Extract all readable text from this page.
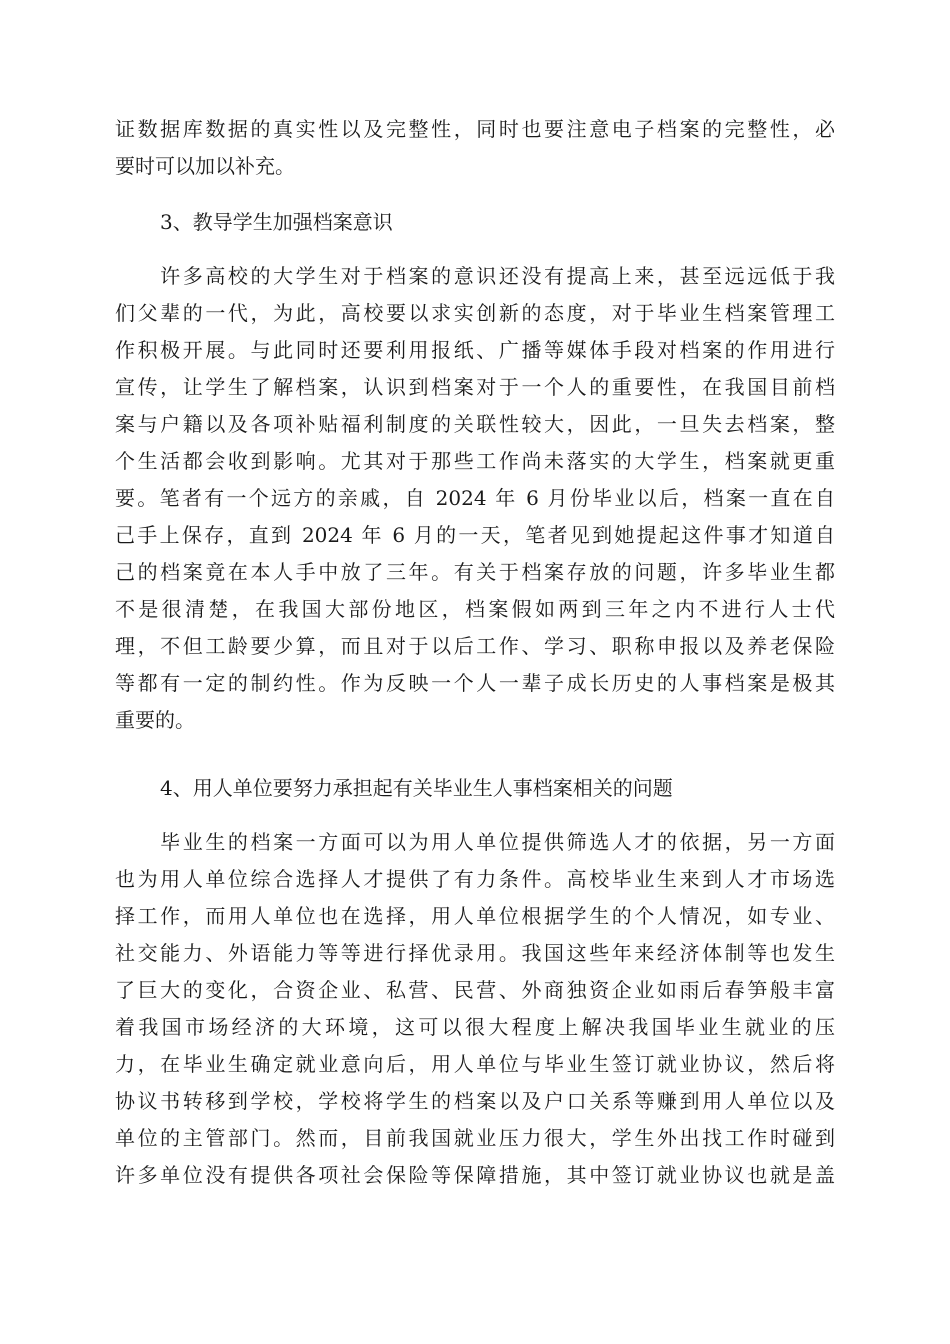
证数据库数据的真实性以及完整性，同时也要注意电子档案的完整性，必
要时可以加以补充。
3、教导学生加强档案意识
　　许多高校的大学生对于档案的意识还没有提高上来，甚至远远低于我
们父辈的一代，为此，高校要以求实创新的态度，对于毕业生档案管理工
作积极开展。与此同时还要利用报纸、广播等媒体手段对档案的作用进行
宣传，让学生了解档案，认识到档案对于一个人的重要性，在我国目前档
案与户籍以及各项补贴福利制度的关联性较大，因此，一旦失去档案，整
个生活都会收到影响。尤其对于那些工作尚未落实的大学生，档案就更重
要。笔者有一个远方的亲戚，自 2024 年 6 月份毕业以后，档案一直在自
己手上保存，直到 2024 年 6 月的一天，笔者见到她提起这件事才知道自
己的档案竟在本人手中放了三年。有关于档案存放的问题，许多毕业生都
不是很清楚，在我国大部份地区，档案假如两到三年之内不进行人士代
理，不但工龄要少算，而且对于以后工作、学习、职称申报以及养老保险
等都有一定的制约性。作为反映一个人一辈子成长历史的人事档案是极其
重要的。
4、用人单位要努力承担起有关毕业生人事档案相关的问题
　　毕业生的档案一方面可以为用人单位提供筛选人才的依据，另一方面
也为用人单位综合选择人才提供了有力条件。高校毕业生来到人才市场选
择工作，而用人单位也在选择，用人单位根据学生的个人情况，如专业、
社交能力、外语能力等等进行择优录用。我国这些年来经济体制等也发生
了巨大的变化，合资企业、私营、民营、外商独资企业如雨后春笋般丰富
着我国市场经济的大环境，这可以很大程度上解决我国毕业生就业的压
力，在毕业生确定就业意向后，用人单位与毕业生签订就业协议，然后将
协议书转移到学校，学校将学生的档案以及户口关系等赚到用人单位以及
单位的主管部门。然而，目前我国就业压力很大，学生外出找工作时碰到
许多单位没有提供各项社会保险等保障措施，其中签订就业协议也就是盖
